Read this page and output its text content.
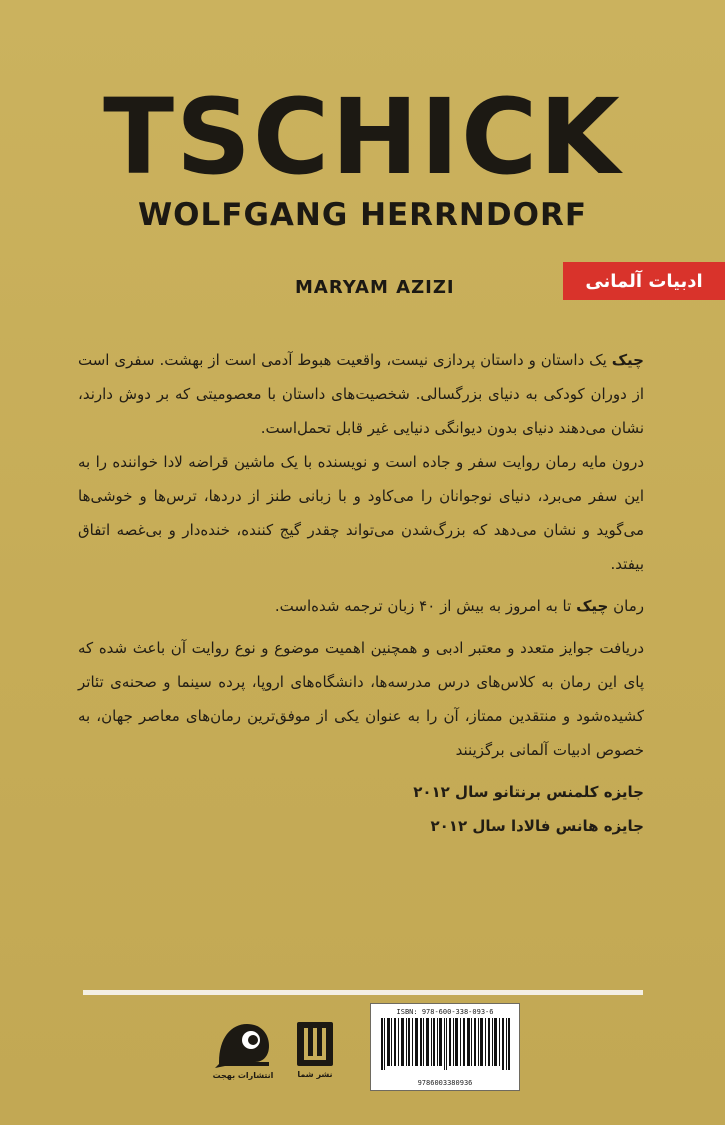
TSCHICK
WOLFGANG HERRNDORF
MARYAM AZIZI	ادبیات آلمانی

چیک یک داستان و داستان پردازی نیست، واقعیت هبوط آدمی است از بهشت. سفری است از دوران کودکی به دنیای بزرگسالی. شخصیت‌های داستان با معصومیتی که بر دوش دارند، نشان می‌دهند دنیای بدون دیوانگی دنیایی غیر قابل تحمل‌است.

درون مایه رمان روایت سفر و جاده است و نویسنده با یک ماشین قراضه لادا خواننده را به این سفر می‌برد، دنیای نوجوانان را می‌کاود و با زبانی طنز از دردها، ترس‌ها و خوشی‌ها می‌گوید و نشان می‌دهد که بزرگ‌شدن می‌تواند چقدر گیج کننده، خنده‌دار و بی‌غصه اتفاق بیفتد.

رمان چیک تا به امروز به بیش از ۴۰ زبان ترجمه شده‌است.

دریافت جوایز متعدد و معتبر ادبی و همچنین اهمیت موضوع و نوع روایت آن باعث شده که پای این رمان به کلاس‌های درس مدرسه‌ها، دانشگاه‌های اروپا، پرده سینما و صحنه‌ی تئاتر کشیده‌شود و منتقدین ممتاز، آن را به عنوان یکی از موفق‌ترین رمان‌های معاصر جهان، به خصوص ادبیات آلمانی برگزینند

جایزه کلمنس برنتانو سال ۲۰۱۲

جایزه هانس فالادا سال ۲۰۱۲

ISBN: 978-600-338-093-6
9786003380936
نشر شما
انتشارات بهجت
